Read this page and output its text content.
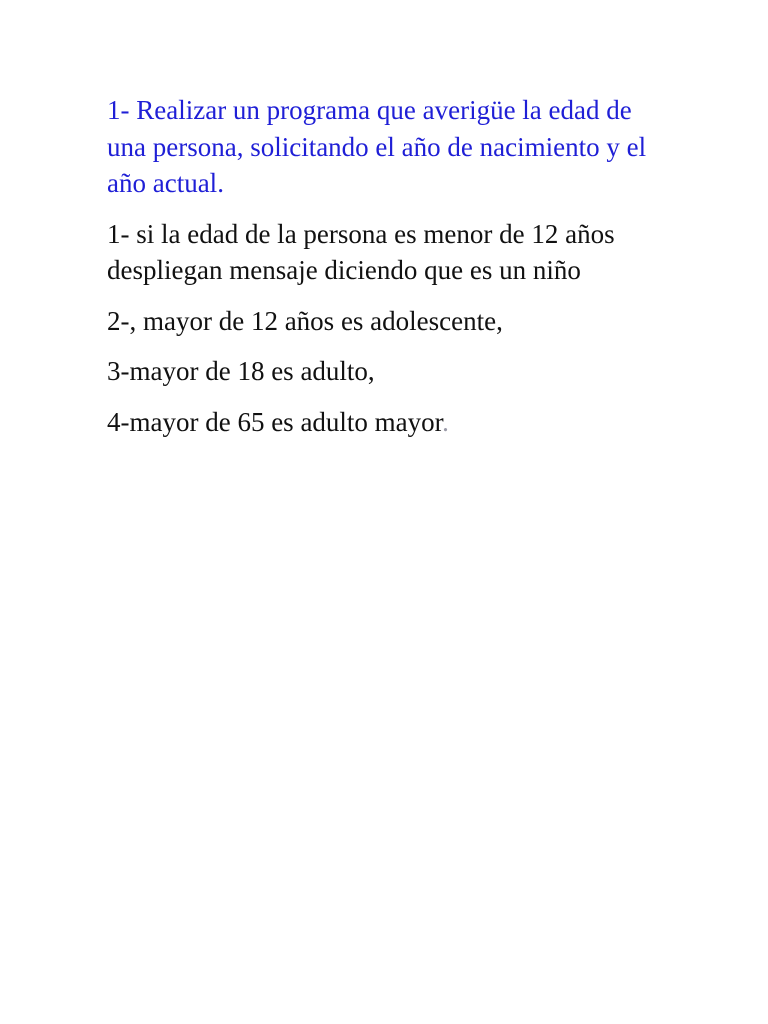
1- Realizar un programa que averigüe la edad de una persona, solicitando el año de nacimiento y el año actual.

1- si la edad de la persona es menor de 12 años despliegan mensaje diciendo que es un niño

2-, mayor de 12 años es adolescente,

3-mayor de 18 es adulto,

4-mayor de 65 es adulto mayor.
